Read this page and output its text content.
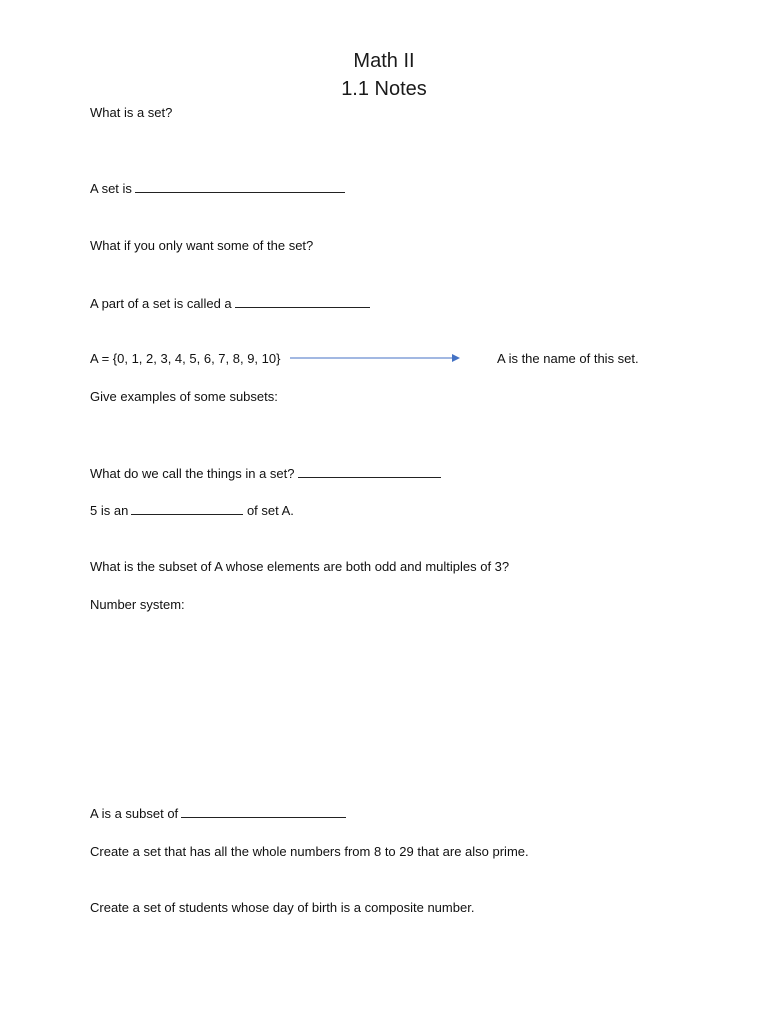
Math II
1.1 Notes
What is a set?
A set is
What if you only want some of the set?
A part of a set is called a
A = {0, 1, 2, 3, 4, 5, 6, 7, 8, 9, 10}	A is the name of this set.
Give examples of some subsets:
What do we call the things in a set?
5 is an	of set A.
What is the subset of A whose elements are both odd and multiples of 3?
Number system:
A is a subset of
Create a set that has all the whole numbers from 8 to 29 that are also prime.
Create a set of students whose day of birth is a composite number.
